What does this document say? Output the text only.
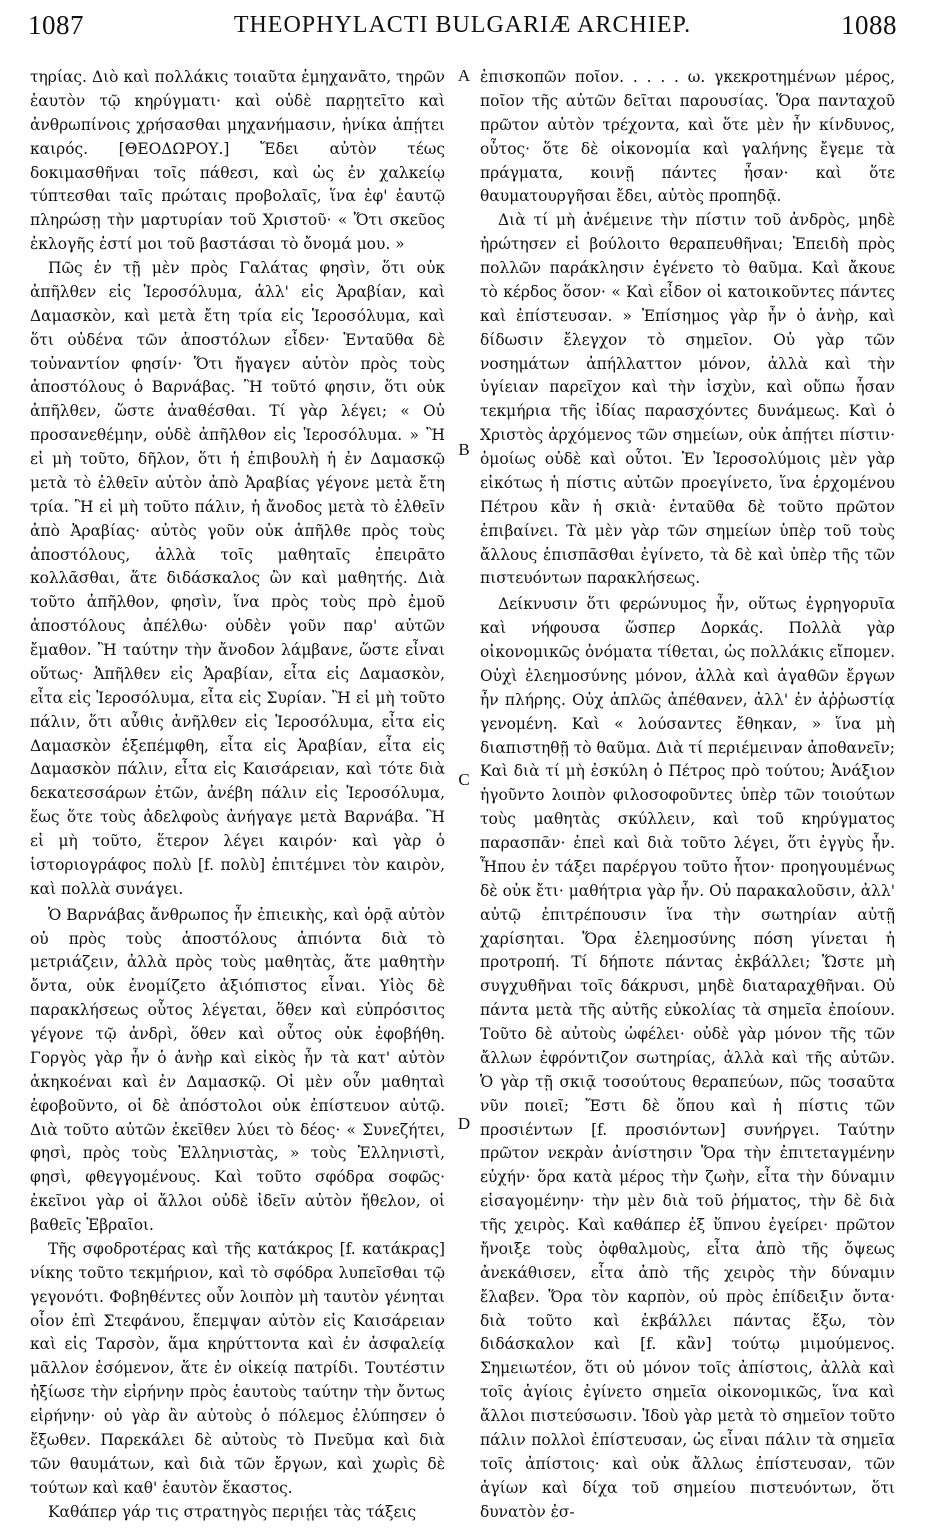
1087	THEOPHYLACTI BULGARIÆ ARCHIEP.	1088
A
B
C
D

τηρίας. Διὸ καὶ πολλάκις τοιαῦτα ἐμηχανᾶτο, τηρῶν ἑαυτὸν τῷ κηρύγματι· καὶ οὐδὲ παρῃτεῖτο καὶ ἀνθρωπίνοις χρήσασθαι μηχανήμασιν, ἡνίκα ἀπῄτει καιρός. [ΘΕΟΔΩΡΟΥ.] Ἔδει αὐτὸν τέως δοκιμασθῆναι τοῖς πάθεσι, καὶ ὡς ἐν χαλκείῳ τύπτεσθαι ταῖς πρώταις προβολαῖς, ἵνα ἐφ' ἑαυτῷ πληρώσῃ τὴν μαρτυρίαν τοῦ Χριστοῦ· « Ὅτι σκεῦος ἐκλογῆς ἐστί μοι τοῦ βαστάσαι τὸ ὄνομά μου. »

Πῶς ἐν τῇ μὲν πρὸς Γαλάτας φησὶν, ὅτι οὐκ ἀπῆλθεν εἰς Ἱεροσόλυμα, ἀλλ' εἰς Ἀραβίαν, καὶ Δαμασκὸν, καὶ μετὰ ἔτη τρία εἰς Ἱεροσόλυμα, καὶ ὅτι οὐδένα τῶν ἀποστόλων εἶδεν· Ἐνταῦθα δὲ τοὐναντίον φησίν· Ὅτι ἤγαγεν αὐτὸν πρὸς τοὺς ἀποστόλους ὁ Βαρνάβας. Ἢ τοῦτό φησιν, ὅτι οὐκ ἀπῆλθεν, ὥστε ἀναθέσθαι. Τί γὰρ λέγει; « Οὐ προσανεθέμην, οὐδὲ ἀπῆλθον εἰς Ἱεροσόλυμα. » Ἢ εἰ μὴ τοῦτο, δῆλον, ὅτι ἡ ἐπιβουλὴ ἡ ἐν Δαμασκῷ μετὰ τὸ ἐλθεῖν αὐτὸν ἀπὸ Ἀραβίας γέγονε μετὰ ἔτη τρία. Ἢ εἰ μὴ τοῦτο πάλιν, ἡ ἄνοδος μετὰ τὸ ἐλθεῖν ἀπὸ Ἀραβίας· αὐτὸς γοῦν οὐκ ἀπῆλθε πρὸς τοὺς ἀποστόλους, ἀλλὰ τοῖς μαθηταῖς ἐπειρᾶτο κολλᾶσθαι, ἅτε διδάσκαλος ὢν καὶ μαθητής. Διὰ τοῦτο ἀπῆλθον, φησὶν, ἵνα πρὸς τοὺς πρὸ ἐμοῦ ἀποστόλους ἀπέλθω· οὐδὲν γοῦν παρ' αὐτῶν ἔμαθον. Ἢ ταύτην τὴν ἄνοδον λάμβανε, ὥστε εἶναι οὕτως· Ἀπῆλθεν εἰς Ἀραβίαν, εἶτα εἰς Δαμασκὸν, εἶτα εἰς Ἱεροσόλυμα, εἶτα εἰς Συρίαν. Ἢ εἰ μὴ τοῦτο πάλιν, ὅτι αὖθις ἀνῆλθεν εἰς Ἱεροσόλυμα, εἶτα εἰς Δαμασκὸν ἐξεπέμφθη, εἶτα εἰς Ἀραβίαν, εἶτα εἰς Δαμασκὸν πάλιν, εἶτα εἰς Καισάρειαν, καὶ τότε διὰ δεκατεσσάρων ἐτῶν, ἀνέβη πάλιν εἰς Ἱεροσόλυμα, ἕως ὅτε τοὺς ἀδελφοὺς ἀνήγαγε μετὰ Βαρνάβα. Ἢ εἰ μὴ τοῦτο, ἕτερον λέγει καιρόν· καὶ γὰρ ὁ ἱστοριογράφος πολὺ [f. πολὺ] ἐπιτέμνει τὸν καιρὸν, καὶ πολλὰ συνάγει.

Ὁ Βαρνάβας ἄνθρωπος ἦν ἐπιεικὴς, καὶ ὁρᾷ αὐτὸν οὐ πρὸς τοὺς ἀποστόλους ἀπιόντα διὰ τὸ μετριάζειν, ἀλλὰ πρὸς τοὺς μαθητὰς, ἅτε μαθητὴν ὄντα, οὐκ ἐνομίζετο ἀξιόπιστος εἶναι. Υἱὸς δὲ παρακλήσεως οὗτος λέγεται, ὅθεν καὶ εὐπρόσιτος γέγονε τῷ ἀνδρὶ, ὅθεν καὶ οὗτος οὐκ ἐφοβήθη. Γοργὸς γὰρ ἦν ὁ ἀνὴρ καὶ εἰκὸς ἦν τὰ κατ' αὐτὸν ἀκηκοέναι καὶ ἐν Δαμασκῷ. Οἱ μὲν οὖν μαθηταὶ ἐφοβοῦντο, οἱ δὲ ἀπόστολοι οὐκ ἐπίστευον αὐτῷ. Διὰ τοῦτο αὐτῶν ἐκεῖθεν λύει τὸ δέος· « Συνεζήτει, φησὶ, πρὸς τοὺς Ἑλληνιστὰς, » τοὺς Ἑλληνιστὶ, φησὶ, φθεγγομένους. Καὶ τοῦτο σφόδρα σοφῶς· ἐκεῖνοι γὰρ οἱ ἄλλοι οὐδὲ ἰδεῖν αὐτὸν ἤθελον, οἱ βαθεῖς Ἑβραῖοι.

Τῆς σφοδροτέρας καὶ τῆς κατάκρος [f. κατάκρας] νίκης τοῦτο τεκμήριον, καὶ τὸ σφόδρα λυπεῖσθαι τῷ γεγονότι. Φοβηθέντες οὖν λοιπὸν μὴ ταυτὸν γένηται οἷον ἐπὶ Στεφάνου, ἔπεμψαν αὐτὸν εἰς Καισάρειαν καὶ εἰς Ταρσὸν, ἅμα κηρύττοντα καὶ ἐν ἀσφαλείᾳ μᾶλλον ἐσόμενον, ἅτε ἐν οἰκείᾳ πατρίδι. Τουτέστιν ἠξίωσε τὴν εἰρήνην πρὸς ἑαυτοὺς ταύτην τὴν ὄντως εἰρήνην· οὐ γὰρ ἂν αὐτοὺς ὁ πόλεμος ἐλύπησεν ὁ ἔξωθεν. Παρεκάλει δὲ αὐτοὺς τὸ Πνεῦμα καὶ διὰ τῶν θαυμάτων, καὶ διὰ τῶν ἔργων, καὶ χωρὶς δὲ τούτων καὶ καθ' ἑαυτὸν ἕκαστος.

Καθάπερ γάρ τις στρατηγὸς περιῄει τὰς τάξεις

ἐπισκοπῶν ποῖον. . . . . ω. γκεκροτημένων μέρος, ποῖον τῆς αὐτῶν δεῖται παρουσίας. Ὅρα πανταχοῦ πρῶτον αὐτὸν τρέχοντα, καὶ ὅτε μὲν ἦν κίνδυνος, οὗτος· ὅτε δὲ οἰκονομία καὶ γαλήνης ἔγεμε τὰ πράγματα, κοινῇ πάντες ἦσαν· καὶ ὅτε θαυματουργῆσαι ἔδει, αὐτὸς προπηδᾷ.

Διὰ τί μὴ ἀνέμεινε τὴν πίστιν τοῦ ἀνδρὸς, μηδὲ ἠρώτησεν εἰ βούλοιτο θεραπευθῆναι; Ἐπειδὴ πρὸς πολλῶν παράκλησιν ἐγένετο τὸ θαῦμα. Καὶ ἄκουε τὸ κέρδος ὅσον· « Καὶ εἶδον οἱ κατοικοῦντες πάντες καὶ ἐπίστευσαν. » Ἐπίσημος γὰρ ἦν ὁ ἀνὴρ, καὶ δίδωσιν ἔλεγχον τὸ σημεῖον. Οὐ γὰρ τῶν νοσημάτων ἀπήλλαττον μόνον, ἀλλὰ καὶ τὴν ὑγίειαν παρεῖχον καὶ τὴν ἰσχὺν, καὶ οὔπω ἦσαν τεκμήρια τῆς ἰδίας παρασχόντες δυνάμεως. Καὶ ὁ Χριστὸς ἀρχόμενος τῶν σημείων, οὐκ ἀπῄτει πίστιν· ὁμοίως οὐδὲ καὶ οὗτοι. Ἐν Ἱεροσολύμοις μὲν γὰρ εἰκότως ἡ πίστις αὐτῶν προεγίνετο, ἵνα ἐρχομένου Πέτρου κἂν ἡ σκιὰ· ἐνταῦθα δὲ τοῦτο πρῶτον ἐπιβαίνει. Τὰ μὲν γὰρ τῶν σημείων ὑπὲρ τοῦ τοὺς ἄλλους ἐπισπᾶσθαι ἐγίνετο, τὰ δὲ καὶ ὑπὲρ τῆς τῶν πιστευόντων παρακλήσεως.

Δείκνυσιν ὅτι φερώνυμος ἦν, οὕτως ἐγρηγορυῖα καὶ νήφουσα ὥσπερ Δορκάς. Πολλὰ γὰρ οἰκονομικῶς ὀνόματα τίθεται, ὡς πολλάκις εἴπομεν. Οὐχὶ ἐλεημοσύνης μόνον, ἀλλὰ καὶ ἀγαθῶν ἔργων ἦν πλήρης. Οὐχ ἁπλῶς ἀπέθανεν, ἀλλ' ἐν ἀῤῥωστίᾳ γενομένη. Καὶ « λούσαντες ἔθηκαν, » ἵνα μὴ διαπιστηθῇ τὸ θαῦμα. Διὰ τί περιέμειναν ἀποθανεῖν; Καὶ διὰ τί μὴ ἐσκύλη ὁ Πέτρος πρὸ τούτου; Ἀνάξιον ἡγοῦντο λοιπὸν φιλοσοφοῦντες ὑπὲρ τῶν τοιούτων τοὺς μαθητὰς σκύλλειν, καὶ τοῦ κηρύγματος παρασπᾶν· ἐπεὶ καὶ διὰ τοῦτο λέγει, ὅτι ἐγγὺς ἦν. Ἦπου ἐν τάξει παρέργου τοῦτο ἧτον· προηγουμένως δὲ οὐκ ἔτι· μαθήτρια γὰρ ἦν. Οὐ παρακαλοῦσιν, ἀλλ' αὐτῷ ἐπιτρέπουσιν ἵνα τὴν σωτηρίαν αὐτῇ χαρίσηται. Ὅρα ἐλεημοσύνης πόση γίνεται ἡ προτροπή. Τί δήποτε πάντας ἐκβάλλει; Ὥστε μὴ συγχυθῆναι τοῖς δάκρυσι, μηδὲ διαταραχθῆναι. Οὐ πάντα μετὰ τῆς αὐτῆς εὐκολίας τὰ σημεῖα ἐποίουν. Τοῦτο δὲ αὐτοὺς ὠφέλει· οὐδὲ γὰρ μόνον τῆς τῶν ἄλλων ἐφρόντιζον σωτηρίας, ἀλλὰ καὶ τῆς αὐτῶν. Ὁ γὰρ τῇ σκιᾷ τοσούτους θεραπεύων, πῶς τοσαῦτα νῦν ποιεῖ; Ἔστι δὲ ὅπου καὶ ἡ πίστις τῶν προσιέντων [f. προσιόντων] συνήργει. Ταύτην πρῶτον νεκρὰν ἀνίστησιν Ὅρα τὴν ἐπιτεταγμένην εὐχήν· ὅρα κατὰ μέρος τὴν ζωὴν, εἶτα τὴν δύναμιν εἰσαγομένην· τὴν μὲν διὰ τοῦ ῥήματος, τὴν δὲ διὰ τῆς χειρὸς. Καὶ καθάπερ ἐξ ὕπνου ἐγείρει· πρῶτον ἤνοιξε τοὺς ὀφθαλμοὺς, εἶτα ἀπὸ τῆς ὄψεως ἀνεκάθισεν, εἶτα ἀπὸ τῆς χειρὸς τὴν δύναμιν ἔλαβεν. Ὅρα τὸν καρπὸν, οὐ πρὸς ἐπίδειξιν ὄντα· διὰ τοῦτο καὶ ἐκβάλλει πάντας ἔξω, τὸν διδάσκαλον καὶ [f. κἂν] τούτῳ μιμούμενος. Σημειωτέον, ὅτι οὐ μόνον τοῖς ἀπίστοις, ἀλλὰ καὶ τοῖς ἁγίοις ἐγίνετο σημεῖα οἰκονομικῶς, ἵνα καὶ ἄλλοι πιστεύσωσιν. Ἰδοὺ γὰρ μετὰ τὸ σημεῖον τοῦτο πάλιν πολλοὶ ἐπίστευσαν, ὡς εἶναι πάλιν τὰ σημεῖα τοῖς ἀπίστοις· καὶ οὐκ ἄλλως ἐπίστευσαν, τῶν ἁγίων καὶ δίχα τοῦ σημείου πιστευόντων, ὅτι δυνατὸν ἐσ-
